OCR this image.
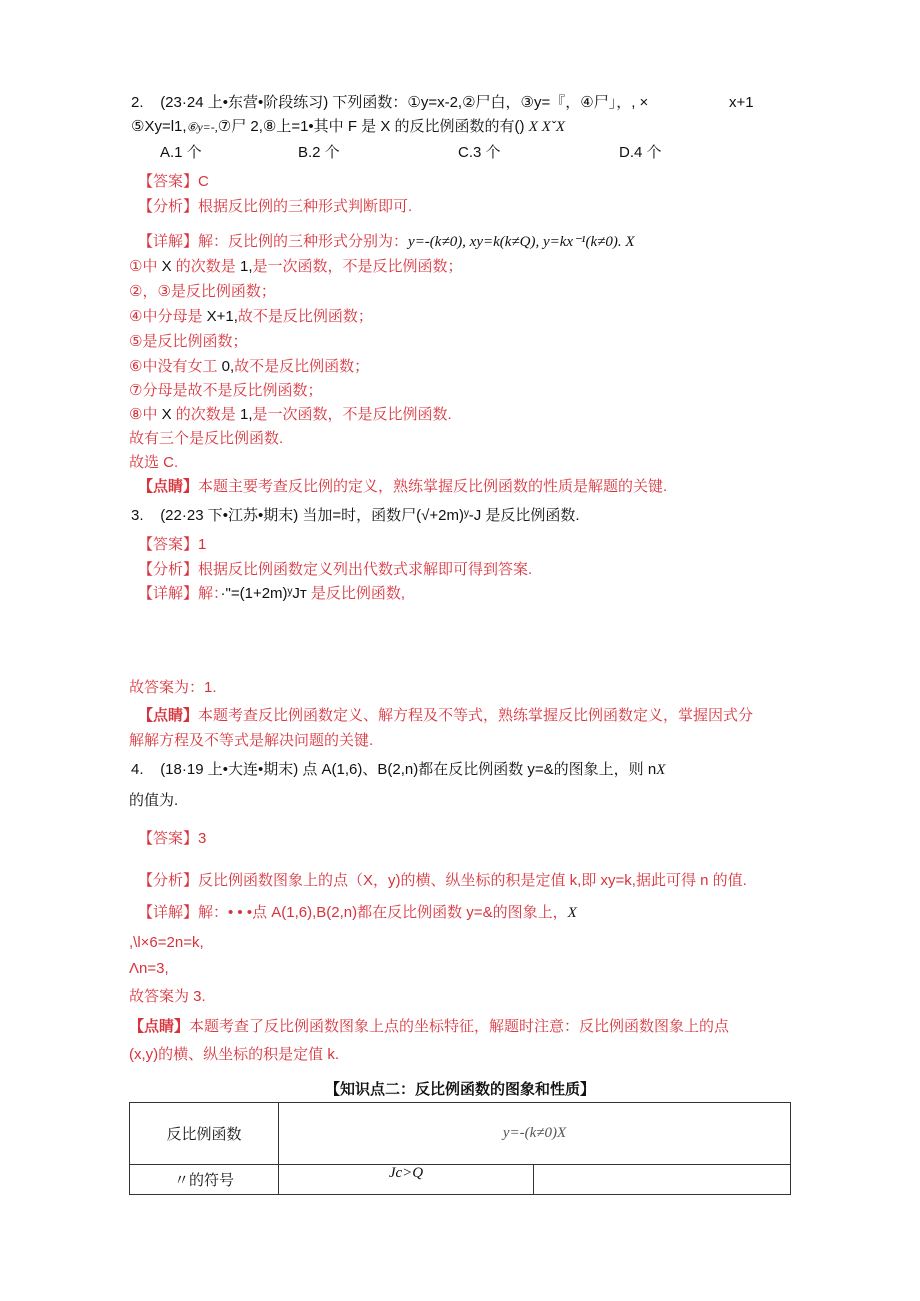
2. (23·24 上•东营•阶段练习) 下列函数：①y=x-2,②尸白，③y=『，④尸」，, ×	x+1
⑤Xy=l1,⑥y=-,⑦尸 2,⑧上=1•其中 F 是 X 的反比例函数的有() X XˇX
A.1 个	B.2 个	C.3 个	D.4 个
【答案】C
【分析】根据反比例的三种形式判断即可.
【详解】解：反比例的三种形式分别为：y=-(k≠0), xy=k(k≠Q), y=kx⁻¹(k≠0). X
①中 X 的次数是 1,是一次函数，不是反比例函数；
②，③是反比例函数；
④中分母是 X+1,故不是反比例函数；
⑤是反比例函数；
⑥中没有女工 0,故不是反比例函数；
⑦分母是故不是反比例函数；
⑧中 X 的次数是 1,是一次函数，不是反比例函数.
故有三个是反比例函数.
故选 C.
【点睛】本题主要考查反比例的定义，熟练掌握反比例函数的性质是解题的关键.
3. (22·23 下•江苏•期末) 当加=时，函数尸(√+2m)ʸ-J 是反比例函数.
【答案】1
【分析】根据反比例函数定义列出代数式求解即可得到答案.
【详解】解：·"=(1+2m)ʸJт 是反比例函数,
故答案为：1.
【点睛】本题考查反比例函数定义、解方程及不等式，熟练掌握反比例函数定义，掌握因式分
解解方程及不等式是解决问题的关键.
4. (18·19 上•大连•期末) 点 A(1,6)、B(2,n)都在反比例函数 y=&的图象上，则 nX
的值为.
【答案】3
【分析】反比例函数图象上的点（X，y)的横、纵坐标的积是定值 k,即 xy=k,据此可得 n 的值.
【详解】解：• • •点 A(1,6),B(2,n)都在反比例函数 y=&的图象上，X
,\l×6=2n=k,
Λn=3,
故答案为 3.
【点睛】本题考查了反比例函数图象上点的坐标特征，解题时注意：反比例函数图象上的点
(x,y)的横、纵坐标的积是定值 k.
【知识点二：反比例函数的图象和性质】
反比例函数	y=-(k≠0)X	
〃的符号	Jc>Q	
